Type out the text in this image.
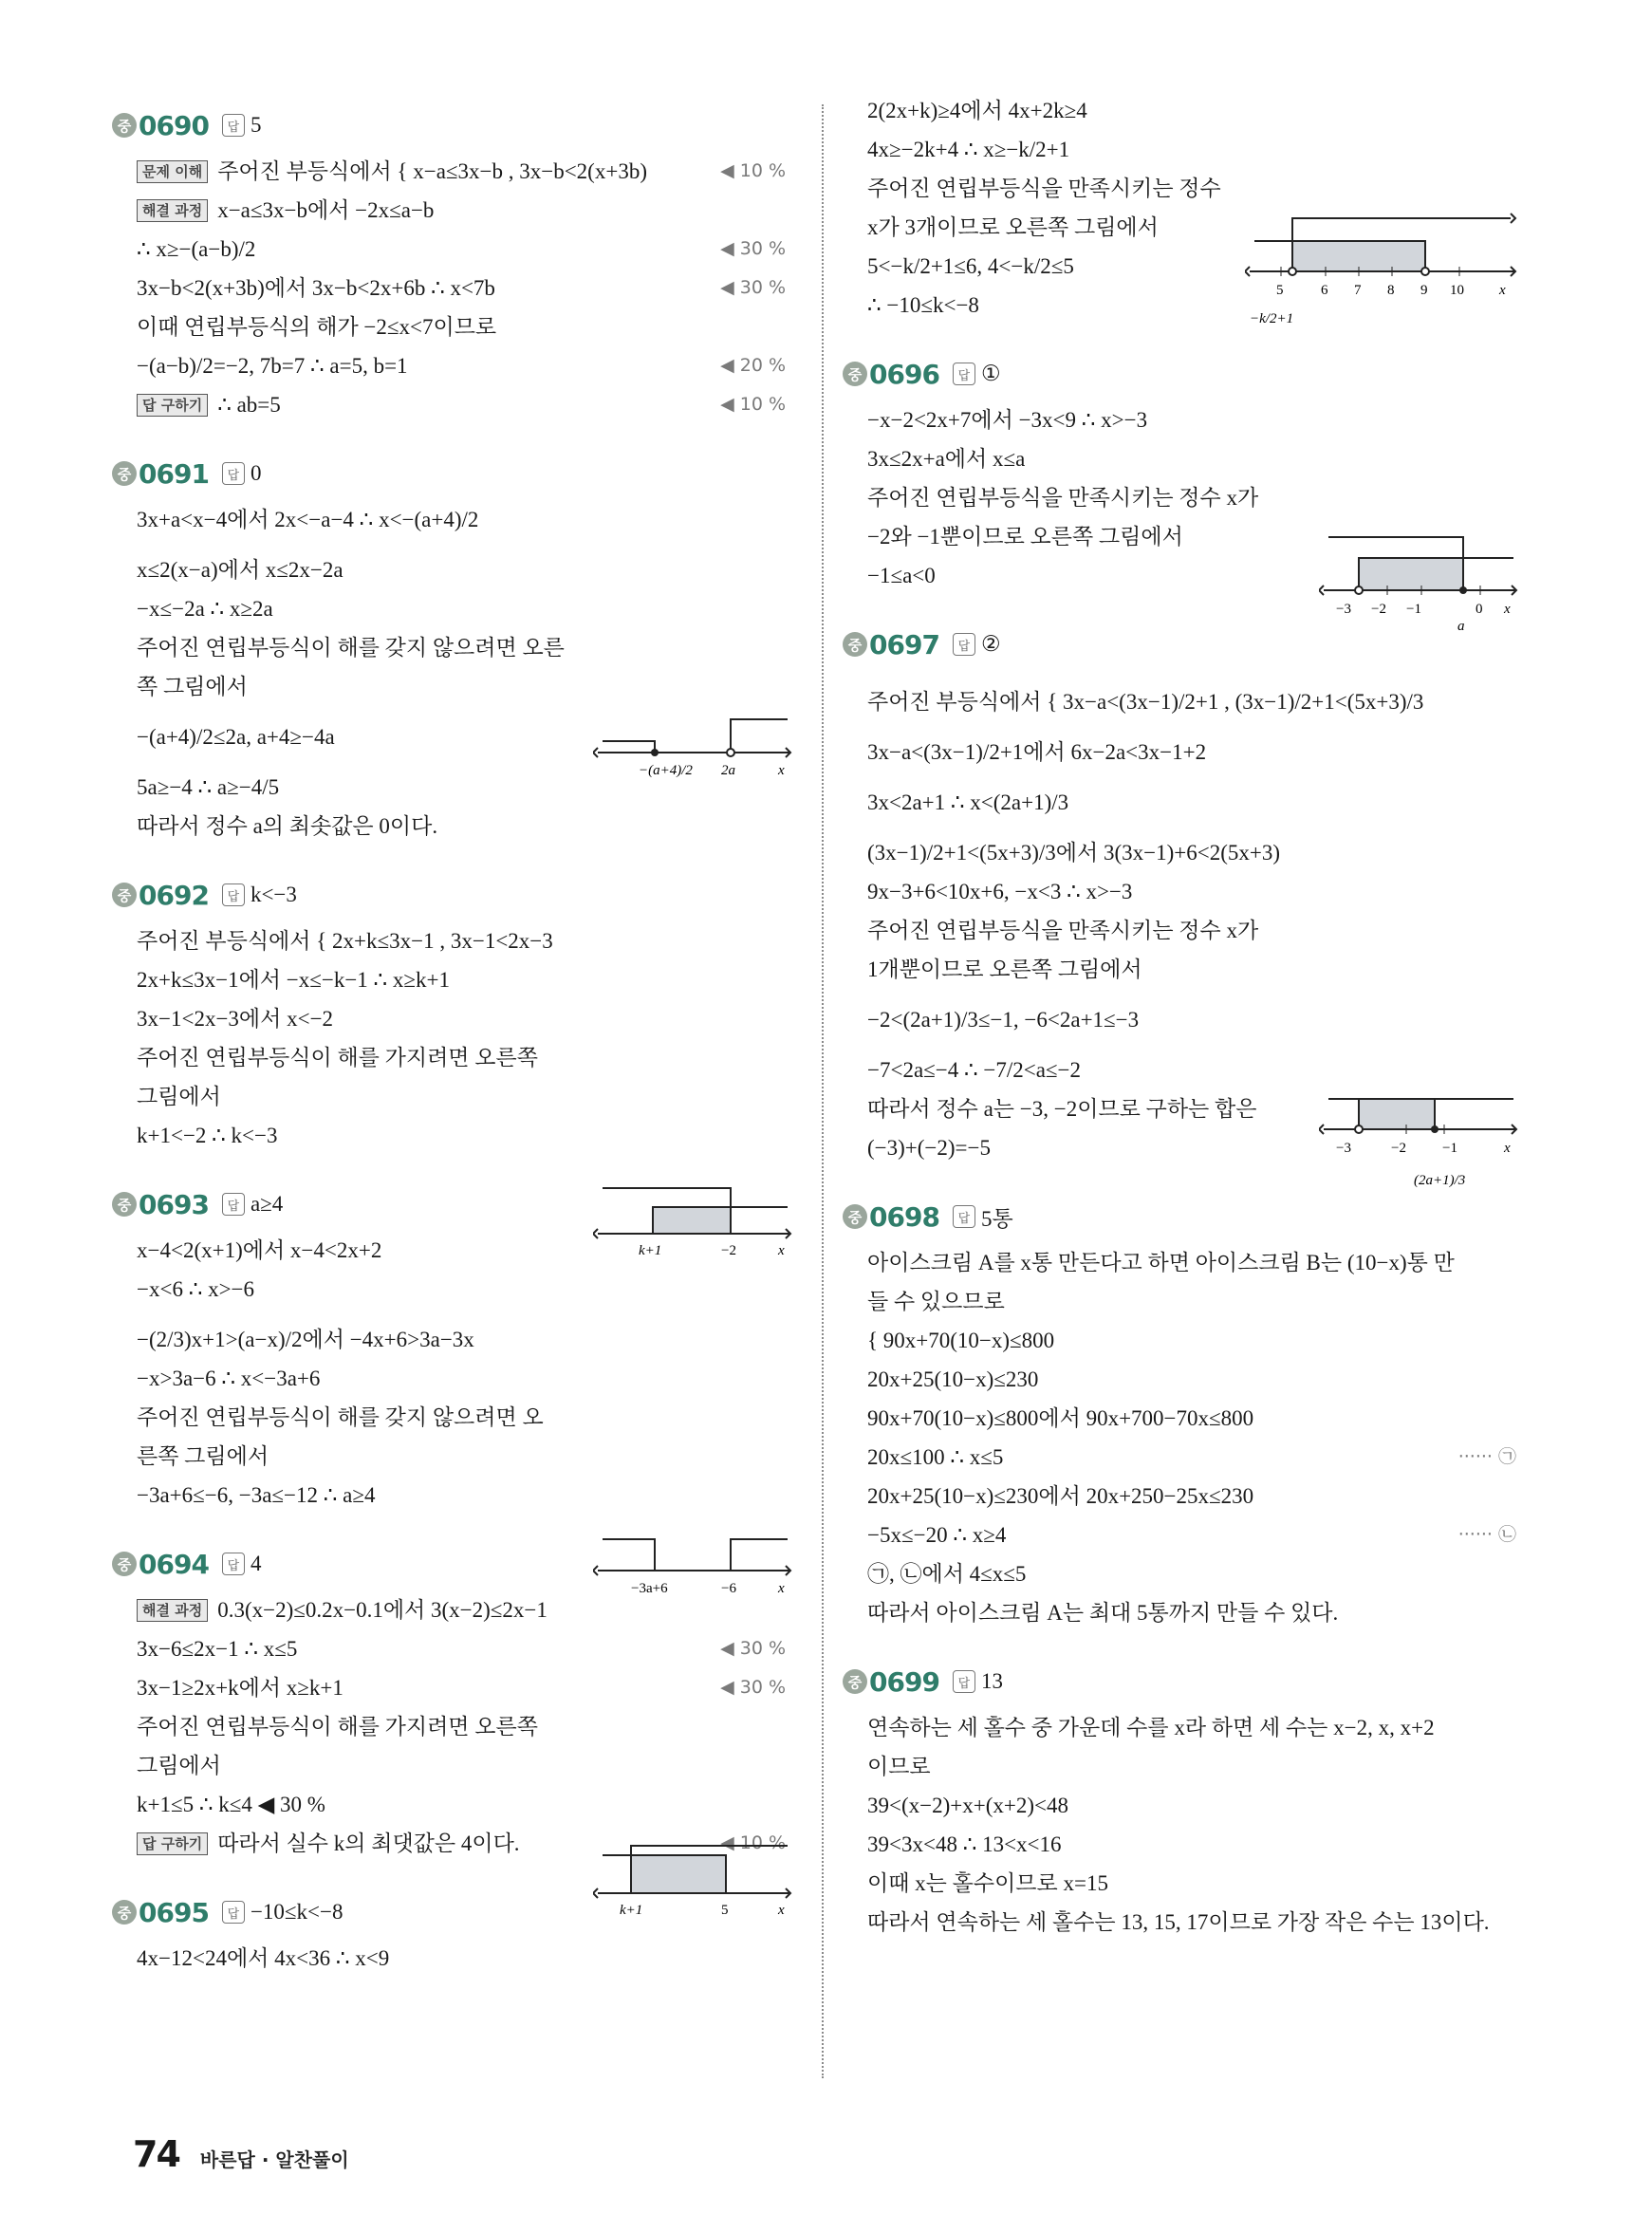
중 0690	답 5
문제 이해 주어진 부등식에서 { x−a≤3x−b , 3x−b<2(x+3b)	◀ 10 %
해결 과정 x−a≤3x−b에서 −2x≤a−b
∴ x≥−(a−b)/2	◀ 30 %
3x−b<2(x+3b)에서 3x−b<2x+6b ∴ x<7b	◀ 30 %
이때 연립부등식의 해가 −2≤x<7이므로
−(a−b)/2=−2, 7b=7 ∴ a=5, b=1	◀ 20 %
답 구하기 ∴ ab=5	◀ 10 %
중 0691	답 0
3x+a<x−4에서 2x<−a−4 ∴ x<−(a+4)/2
x≤2(x−a)에서 x≤2x−2a
−x≤−2a ∴ x≥2a
주어진 연립부등식이 해를 갖지 않으려면 오른
쪽 그림에서
−(a+4)/2≤2a, a+4≥−4a
5a≥−4 ∴ a≥−4/5
따라서 정수 a의 최솟값은 0이다.
중 0692	답 k<−3
주어진 부등식에서 { 2x+k≤3x−1 , 3x−1<2x−3
2x+k≤3x−1에서 −x≤−k−1 ∴ x≥k+1
3x−1<2x−3에서 x<−2
주어진 연립부등식이 해를 가지려면 오른쪽
그림에서
k+1<−2 ∴ k<−3
중 0693	답 a≥4
x−4<2(x+1)에서 x−4<2x+2
−x<6 ∴ x>−6
−(2/3)x+1>(a−x)/2에서 −4x+6>3a−3x
−x>3a−6 ∴ x<−3a+6
주어진 연립부등식이 해를 갖지 않으려면 오
른쪽 그림에서
−3a+6≤−6, −3a≤−12 ∴ a≥4
중 0694	답 4
해결 과정 0.3(x−2)≤0.2x−0.1에서 3(x−2)≤2x−1
3x−6≤2x−1 ∴ x≤5	◀ 30 %
3x−1≥2x+k에서 x≥k+1	◀ 30 %
주어진 연립부등식이 해를 가지려면 오른쪽
그림에서
k+1≤5 ∴ k≤4 ◀ 30 %
답 구하기 따라서 실수 k의 최댓값은 4이다.	◀ 10 %
중 0695	답 −10≤k<−8
4x−12<24에서 4x<36 ∴ x<9
2(2x+k)≥4에서 4x+2k≥4
4x≥−2k+4 ∴ x≥−k/2+1
주어진 연립부등식을 만족시키는 정수
x가 3개이므로 오른쪽 그림에서
5<−k/2+1≤6, 4<−k/2≤5
∴ −10≤k<−8
중 0696	답 ①
−x−2<2x+7에서 −3x<9 ∴ x>−3
3x≤2x+a에서 x≤a
주어진 연립부등식을 만족시키는 정수 x가
−2와 −1뿐이므로 오른쪽 그림에서
−1≤a<0
중 0697	답 ②
주어진 부등식에서 { 3x−a<(3x−1)/2+1 , (3x−1)/2+1<(5x+3)/3
3x−a<(3x−1)/2+1에서 6x−2a<3x−1+2
3x<2a+1 ∴ x<(2a+1)/3
(3x−1)/2+1<(5x+3)/3에서 3(3x−1)+6<2(5x+3)
9x−3+6<10x+6, −x<3 ∴ x>−3
주어진 연립부등식을 만족시키는 정수 x가
1개뿐이므로 오른쪽 그림에서
−2<(2a+1)/3≤−1, −6<2a+1≤−3
−7<2a≤−4 ∴ −7/2<a≤−2
따라서 정수 a는 −3, −2이므로 구하는 합은
(−3)+(−2)=−5
중 0698	답 5통
아이스크림 A를 x통 만든다고 하면 아이스크림 B는 (10−x)통 만
들 수 있으므로
{ 90x+70(10−x)≤800
20x+25(10−x)≤230
90x+70(10−x)≤800에서 90x+700−70x≤800
20x≤100 ∴ x≤5	······ ㉠
20x+25(10−x)≤230에서 20x+250−25x≤230
−5x≤−20 ∴ x≥4	······ ㉡
㉠, ㉡에서 4≤x≤5
따라서 아이스크림 A는 최대 5통까지 만들 수 있다.
중 0699	답 13
연속하는 세 홀수 중 가운데 수를 x라 하면 세 수는 x−2, x, x+2
이므로
39<(x−2)+x+(x+2)<48
39<3x<48 ∴ 13<x<16
이때 x는 홀수이므로 x=15
따라서 연속하는 세 홀수는 13, 15, 17이므로 가장 작은 수는 13이다.
−(a+4)/2 2a	x
k+1	−2	x
−3a+6	−6	x
k+1	5	x
5	6 7 8 9 10 x
−k/2+1
−3 −2 −1	0 x
a
−3	−2	−1	x
(2a+1)/3
74 바른답 · 알찬풀이
